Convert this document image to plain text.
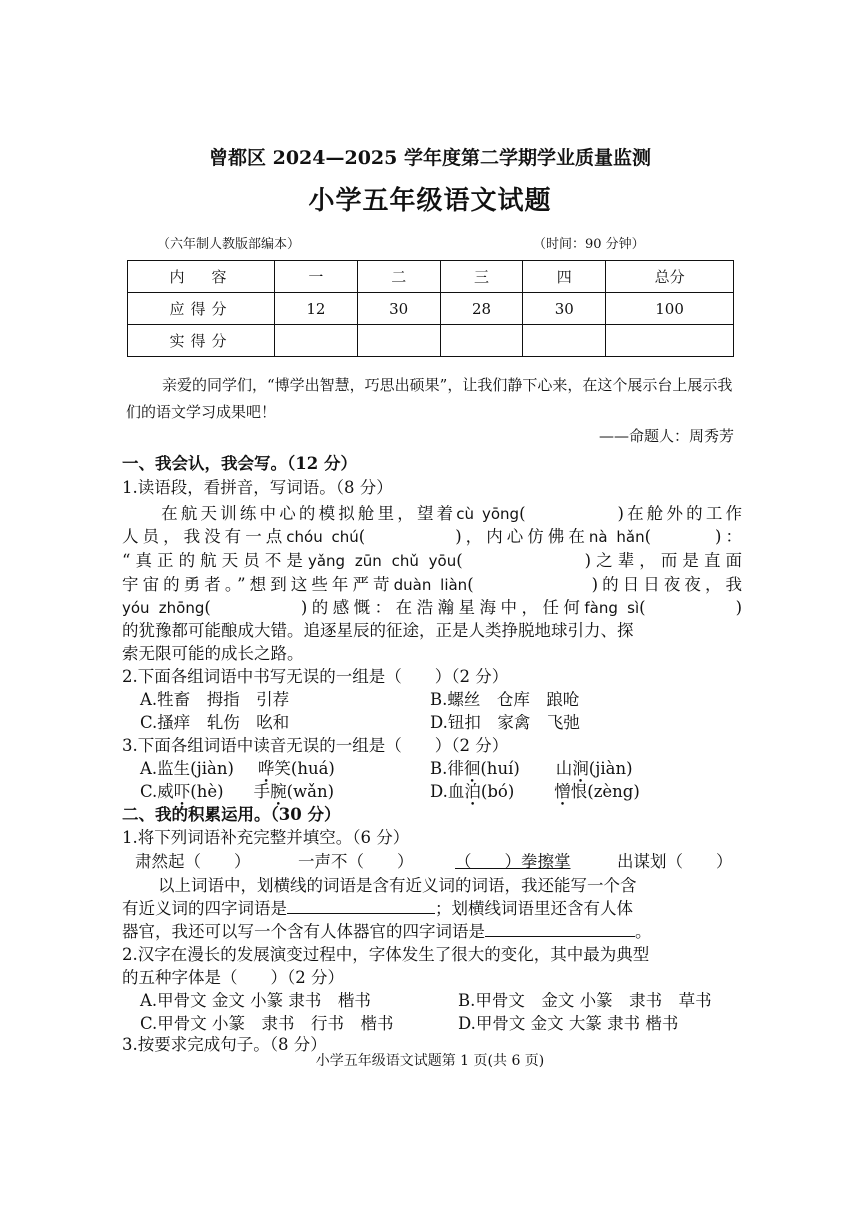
曾都区 2024—2025 学年度第二学期学业质量监测
小学五年级语文试题
（六年制人教版部编本）	（时间：90 分钟）
内　容	一	二	三	四	总分
应得分	12	30	28	30	100
实得分					

亲爱的同学们，“博学出智慧，巧思出硕果”，让我们静下心来，在这个展示台上展示我们的语文学习成果吧！

——命题人：周秀芳
一、我会认，我会写。（12 分）
1.读语段，看拼音，写词语。（8 分）
在航天训练中心的模拟舱里，望着cù yōng(	)在舱外的工作
人员，我没有一点chóu chú(	)，内心仿佛在nà hǎn(	)：
“真正的航天员不是yǎng zūn chǔ yōu(	)之辈，而是直面
宇宙的勇者。”想到这些年严苛duàn liàn(	)的日日夜夜，我
yóu zhōng(	)的感慨：在浩瀚星海中，任何fàng sì(	)
的犹豫都可能酿成大错。追逐星辰的征途，正是人类挣脱地球引力、探
索无限可能的成长之路。
2.下面各组词语中书写无误的一组是（　　）（2 分）
A.牲畜　拇指　引荐	B.螺丝　仓库　踉呛
C.搔痒　轧伤　吆和	D.钮扣　家禽　飞弛
3.下面各组词语中读音无误的一组是（　　）（2 分）
A.监生(jiàn) 哗笑(huá)	B.徘徊(huí) 山涧(jiàn)
C.威吓(hè) 手腕(wǎn)	D.血泊(bó) 憎恨(zèng)
二、我的积累运用。（30 分）
1.将下列词语补充完整并填空。（6 分）
肃然起（　　）	一声不（　　）	（　　）拳擦掌	出谋划（　　）
以上词语中，划横线的词语是含有近义词的词语，我还能写一个含
有近义词的四字词语是	；划横线词语里还含有人体
器官，我还可以写一个含有人体器官的四字词语是	。
2.汉字在漫长的发展演变过程中，字体发生了很大的变化，其中最为典型
的五种字体是（　　）（2 分）
A.甲骨文 金文 小篆 隶书　楷书	B.甲骨文　金文 小篆　隶书　草书
C.甲骨文 小篆　隶书　行书　楷书	D.甲骨文 金文 大篆 隶书 楷书
3.按要求完成句子。（8 分）
小学五年级语文试题第 1 页(共 6 页)
